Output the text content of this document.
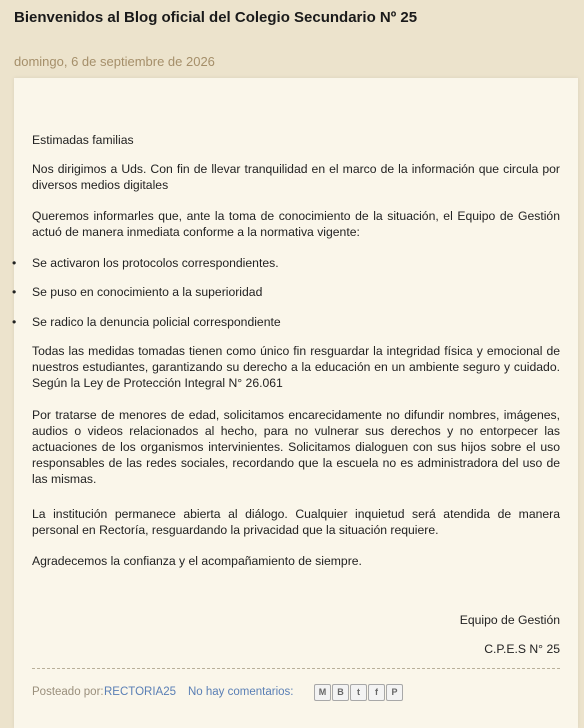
Bienvenidos al Blog oficial del Colegio Secundario Nº 25
domingo, 6 de septiembre de 2026

Estimadas familias

Nos dirigimos a Uds. Con fin de llevar tranquilidad en el marco de la información que circula por diversos medios digitales

Queremos informarles que, ante la toma de conocimiento de la situación, el Equipo de Gestión actuó de manera inmediata conforme a la normativa vigente:

• Se activaron los protocolos correspondientes.
• Se puso en conocimiento a la superioridad
• Se radico la denuncia policial correspondiente

Todas las medidas tomadas tienen como único fin resguardar la integridad física y emocional de nuestros estudiantes, garantizando su derecho a la educación en un ambiente seguro y cuidado. Según la Ley de Protección Integral N° 26.061

Por tratarse de menores de edad, solicitamos encarecidamente no difundir nombres, imágenes, audios o videos relacionados al hecho, para no vulnerar sus derechos y no entorpecer las actuaciones de los organismos intervinientes. Solicitamos dialoguen con sus hijos sobre el uso responsables de las redes sociales, recordando que la escuela no es administradora del uso de las mismas.

La institución permanece abierta al diálogo. Cualquier inquietud será atendida de manera personal en Rectoría, resguardando la privacidad que la situación requiere.

Agradecemos la confianza y el acompañamiento de siempre.

Equipo de Gestión

C.P.E.S N° 25

Posteado por: RECTORIA25 No hay comentarios:	M	B	t	f	P
